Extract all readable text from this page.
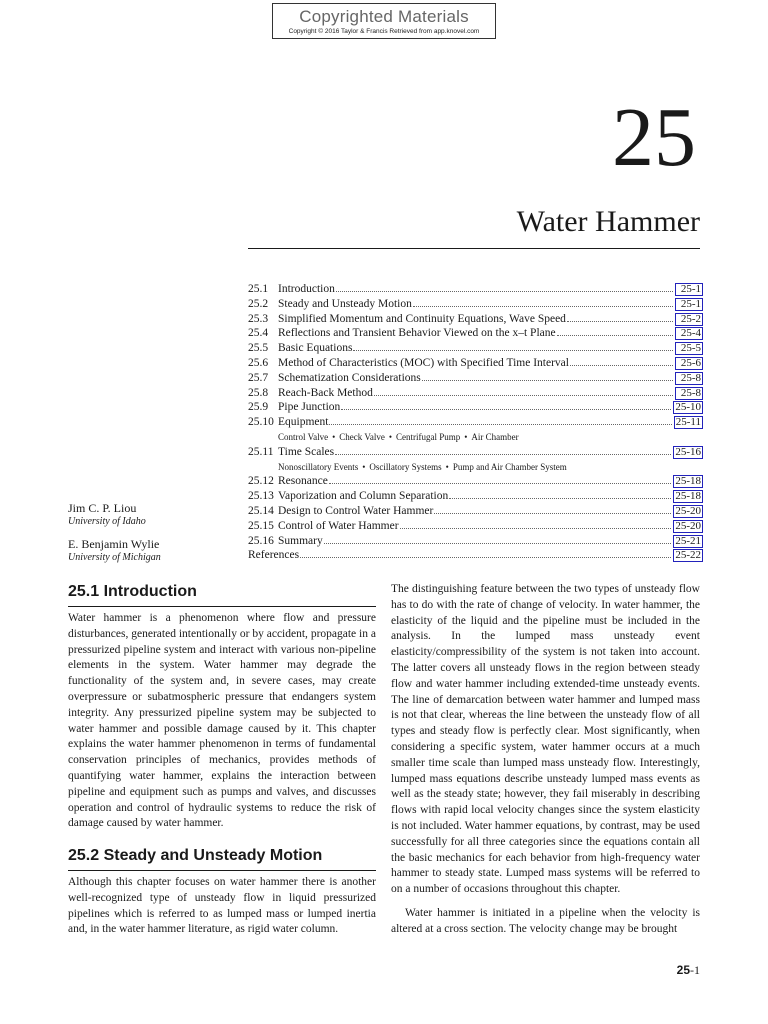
Copyrighted Materials
Copyright © 2016 Taylor & Francis Retrieved from app.knovel.com
25
Water Hammer
25.1 Introduction	25-1
25.2 Steady and Unsteady Motion	25-1
25.3 Simplified Momentum and Continuity Equations, Wave Speed	25-2
25.4 Reflections and Transient Behavior Viewed on the x–t Plane	25-4
25.5 Basic Equations	25-5
25.6 Method of Characteristics (MOC) with Specified Time Interval	25-6
25.7 Schematization Considerations	25-8
25.8 Reach-Back Method	25-8
25.9 Pipe Junction	25-10
25.10 Equipment	25-11
Control Valve • Check Valve • Centrifugal Pump • Air Chamber
25.11 Time Scales	25-16
Nonoscillatory Events • Oscillatory Systems • Pump and Air Chamber System
25.12 Resonance	25-18
25.13 Vaporization and Column Separation	25-18
25.14 Design to Control Water Hammer	25-20
25.15 Control of Water Hammer	25-20
25.16 Summary	25-21
References	25-22
Jim C. P. Liou
University of Idaho
E. Benjamin Wylie
University of Michigan
25.1 Introduction

Water hammer is a phenomenon where flow and pressure disturbances, generated intentionally or by accident, propagate in a pressurized pipeline system and interact with various non-pipeline elements in the system. Water hammer may degrade the functionality of the system and, in severe cases, may create overpressure or subatmospheric pressure that endangers system integrity. Any pressurized pipeline system may be subjected to water hammer and possible damage caused by it. This chapter explains the water hammer phenomenon in terms of fundamental conservation principles of mechanics, provides methods of quantifying water hammer, explains the interaction between pipeline and equipment such as pumps and valves, and discusses operation and control of hydraulic systems to reduce the risk of damage caused by water hammer.

25.2 Steady and Unsteady Motion

Although this chapter focuses on water hammer there is another well-recognized type of unsteady flow in liquid pressurized pipelines which is referred to as lumped mass or lumped inertia and, in the water hammer literature, as rigid water column.

The distinguishing feature between the two types of unsteady flow has to do with the rate of change of velocity. In water hammer, the elasticity of the liquid and the pipeline must be included in the analysis. In the lumped mass unsteady event elasticity/compressibility of the system is not taken into account. The latter covers all unsteady flows in the region between steady flow and water hammer including extended-time unsteady events. The line of demarcation between water hammer and lumped mass is not that clear, whereas the line between the unsteady flow of all types and steady flow is perfectly clear. Most significantly, when considering a specific system, water hammer occurs at a much smaller time scale than lumped mass unsteady flow. Interestingly, lumped mass equations describe unsteady lumped mass events as well as the steady state; however, they fail miserably in describing flows with rapid local velocity changes since the system elasticity is not included. Water hammer equations, by contrast, may be used successfully for all three categories since the equations contain all the basic mechanics for each behavior from high-frequency water hammer to steady state. Lumped mass systems will be referred to on a number of occasions throughout this chapter.

Water hammer is initiated in a pipeline when the velocity is altered at a cross section. The velocity change may be brought

25-1
